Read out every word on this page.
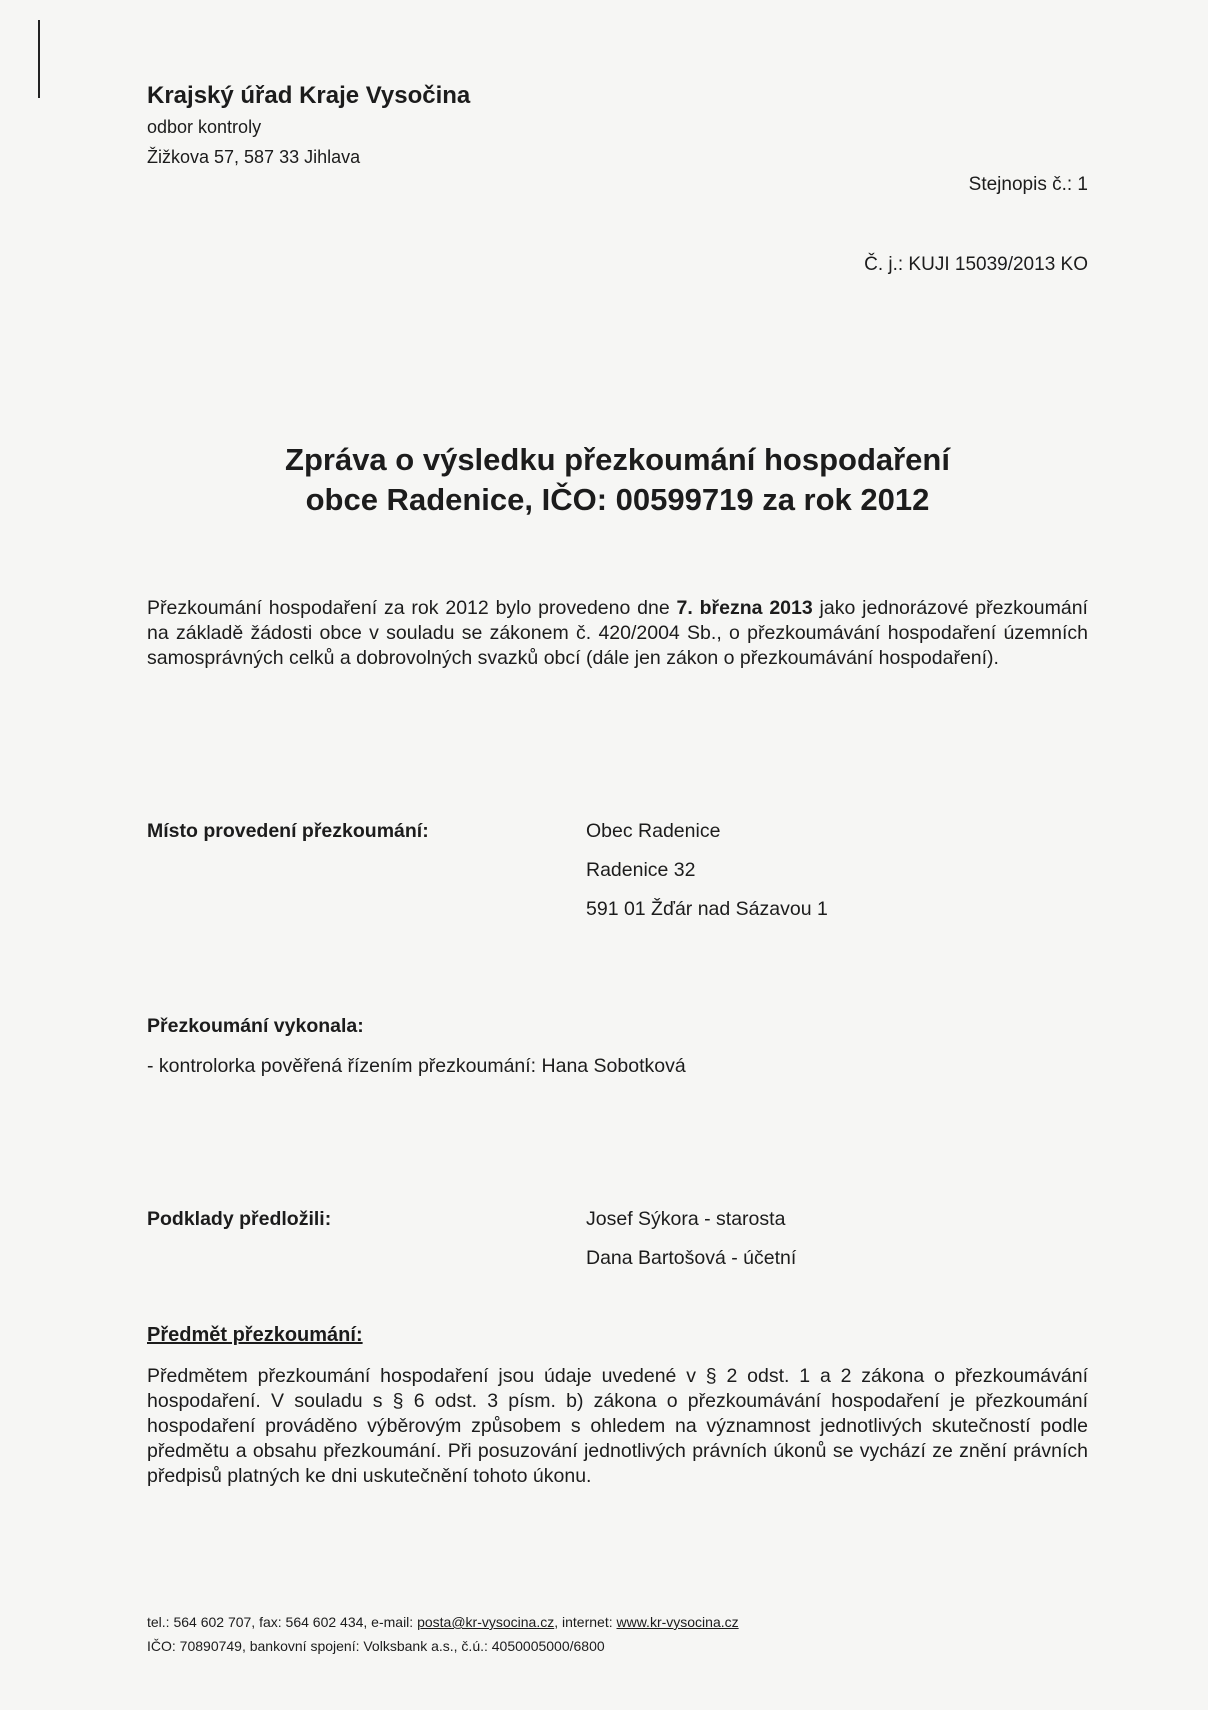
Krajský úřad Kraje Vysočina
odbor kontroly
Žižkova 57, 587 33 Jihlava
Stejnopis č.: 1
Č. j.: KUJI 15039/2013 KO
Zpráva o výsledku přezkoumání hospodaření
obce Radenice, IČO: 00599719 za rok 2012
Přezkoumání hospodaření za rok 2012 bylo provedeno dne 7. března 2013 jako jednorázové přezkoumání na základě žádosti obce v souladu se zákonem č. 420/2004 Sb., o přezkoumávání hospodaření územních samosprávných celků a dobrovolných svazků obcí (dále jen zákon o přezkoumávání hospodaření).
Místo provedení přezkoumání:	Obec Radenice
Radenice 32
591 01 Žďár nad Sázavou 1
Přezkoumání vykonala:
- kontrolorka pověřená řízením přezkoumání: Hana Sobotková
Podklady předložili:	Josef Sýkora - starosta
Dana Bartošová - účetní
Předmět přezkoumání:
Předmětem přezkoumání hospodaření jsou údaje uvedené v § 2 odst. 1 a 2 zákona o přezkoumávání hospodaření. V souladu s § 6 odst. 3 písm. b) zákona o přezkoumávání hospodaření je přezkoumání hospodaření prováděno výběrovým způsobem s ohledem na významnost jednotlivých skutečností podle předmětu a obsahu přezkoumání. Při posuzování jednotlivých právních úkonů se vychází ze znění právních předpisů platných ke dni uskutečnění tohoto úkonu.
tel.: 564 602 707, fax: 564 602 434, e-mail: posta@kr-vysocina.cz, internet: www.kr-vysocina.cz
IČO: 70890749, bankovní spojení: Volksbank a.s., č.ú.: 4050005000/6800
